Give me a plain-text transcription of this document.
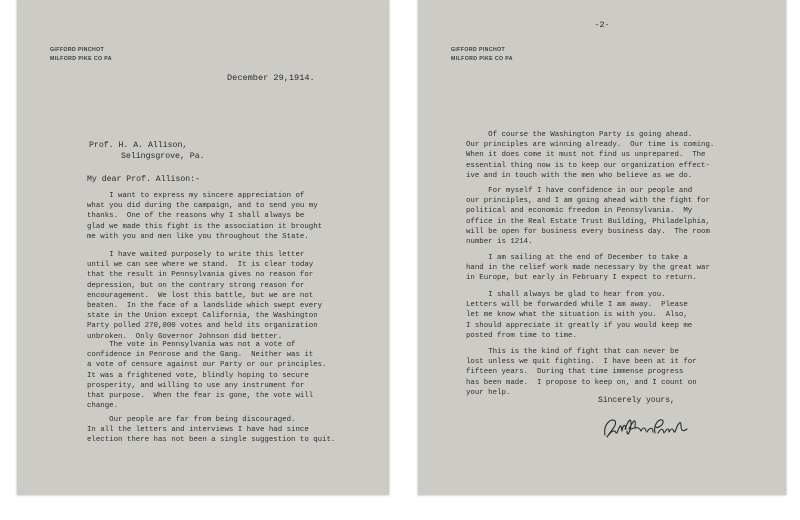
GIFFORD PINCHOT
MILFORD PIKE CO PA
December 29,1914.
Prof. H. A. Allison,
Selingsgrove, Pa.
My dear Prof. Allison:-
I want to express my sincere appreciation of
what you did during the campaign, and to send you my
thanks.  One of the reasons why I shall always be
glad we made this fight is the association it brought
me with you and men like you throughout the State.
I have waited purposely to write this letter
until we can see where we stand.  It is clear today
that the result in Pennsylvania gives no reason for
depression, but on the contrary strong reason for
encouragement.  We lost this battle, but we are not
beaten.  In the face of a landslide which swept every
state in the Union except California, the Washington
Party polled 270,000 votes and held its organization
unbroken.  Only Governor Johnson did better.
The vote in Pennsylvania was not a vote of
confidence in Penrose and the Gang.  Neither was it
a vote of censure against our Party or our principles.
It was a frightened vote, blindly hoping to secure
prosperity, and willing to use any instrument for
that purpose.  When the fear is gone, the vote will
change.
Our people are far from being discouraged.
In all the letters and interviews I have had since
election there has not been a single suggestion to quit.
-2-
GIFFORD PINCHOT
MILFORD PIKE CO PA
Of course the Washington Party is going ahead.
Our principles are winning already.  Our time is coming.
When it does come it must not find us unprepared.  The
essential thing now is to keep our organization effect-
ive and in touch with the men who believe as we do.
For myself I have confidence in our people and
our principles, and I am going ahead with the fight for
political and economic freedom in Pennsylvania.  My
office in the Real Estate Trust Building, Philadelphia,
will be open for business every business day.  The room
number is 1214.
I am sailing at the end of December to take a
hand in the relief work made necessary by the great war
in Europe, but early in February I expect to return.
I shall always be glad to hear from you.
Letters will be forwarded while I am away.  Please
let me know what the situation is with you.  Also,
I should appreciate it greatly if you would keep me
posted from time to time.
This is the kind of fight that can never be
lost unless we quit fighting.  I have been at it for
fifteen years.  During that time immense progress
has been made.  I propose to keep on, and I count on
your help.
Sincerely yours,
